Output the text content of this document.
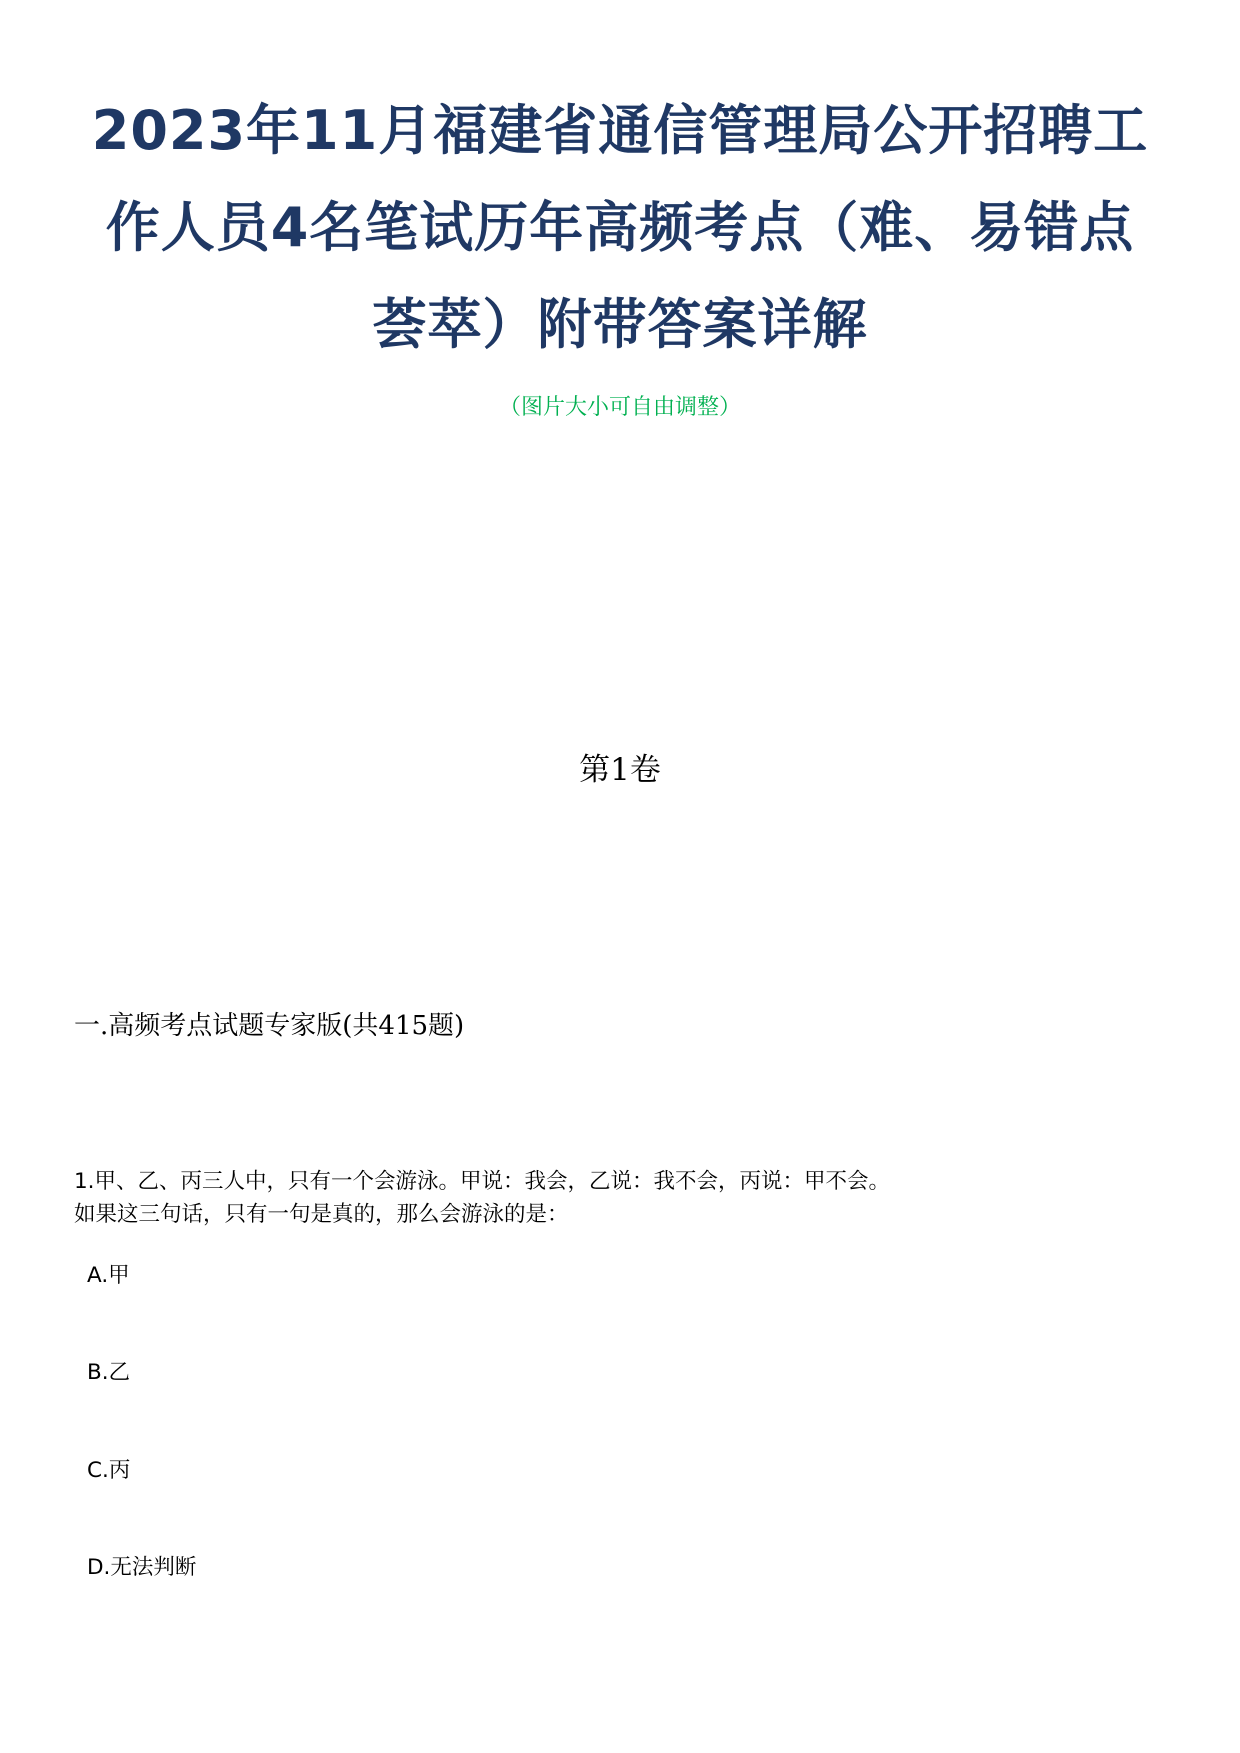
2023年11月福建省通信管理局公开招聘工作人员4名笔试历年高频考点（难、易错点荟萃）附带答案详解
（图片大小可自由调整）
第1卷
一.高频考点试题专家版(共415题)

1.甲、乙、丙三人中，只有一个会游泳。甲说：我会，乙说：我不会，丙说：甲不会。

如果这三句话，只有一句是真的，那么会游泳的是：

A.甲
B.乙
C.丙
D.无法判断
